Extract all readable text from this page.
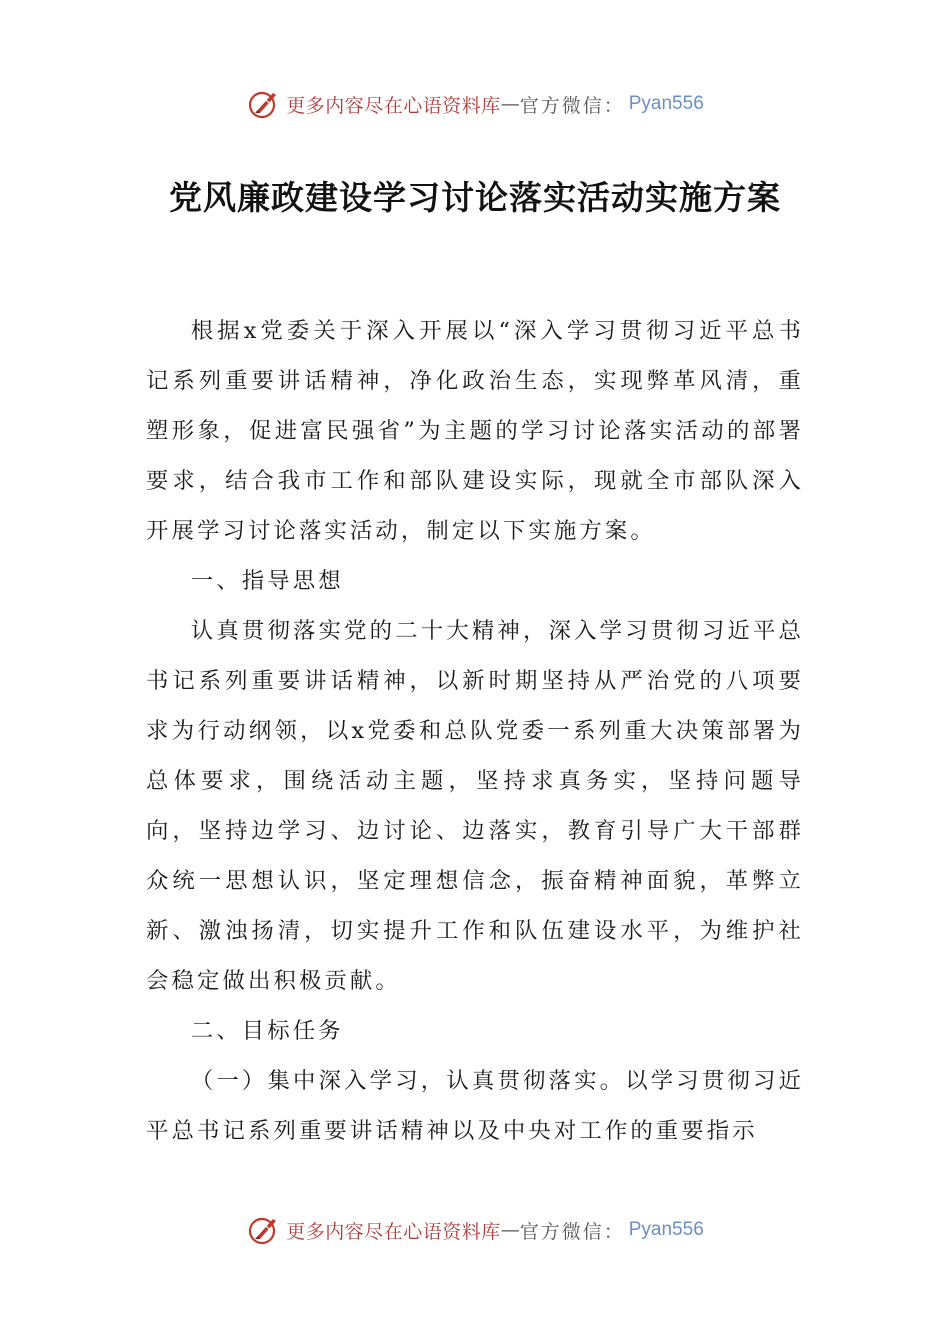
更多内容尽在心语资料库 — 官方微信： Pyan556
党风廉政建设学习讨论落实活动实施方案

根据x党委关于深入开展以“深入学习贯彻习近平总书记系列重要讲话精神，净化政治生态，实现弊革风清，重塑形象，促进富民强省”为主题的学习讨论落实活动的部署要求，结合我市工作和部队建设实际，现就全市部队深入开展学习讨论落实活动，制定以下实施方案。

一、指导思想

认真贯彻落实党的二十大精神，深入学习贯彻习近平总书记系列重要讲话精神，以新时期坚持从严治党的八项要求为行动纲领，以x党委和总队党委一系列重大决策部署为总体要求，围绕活动主题，坚持求真务实，坚持问题导向，坚持边学习、边讨论、边落实，教育引导广大干部群众统一思想认识，坚定理想信念，振奋精神面貌，革弊立新、激浊扬清，切实提升工作和队伍建设水平，为维护社会稳定做出积极贡献。

二、目标任务

（一）集中深入学习，认真贯彻落实。以学习贯彻习近平总书记系列重要讲话精神以及中央对工作的重要指示

更多内容尽在心语资料库 — 官方微信： Pyan556
